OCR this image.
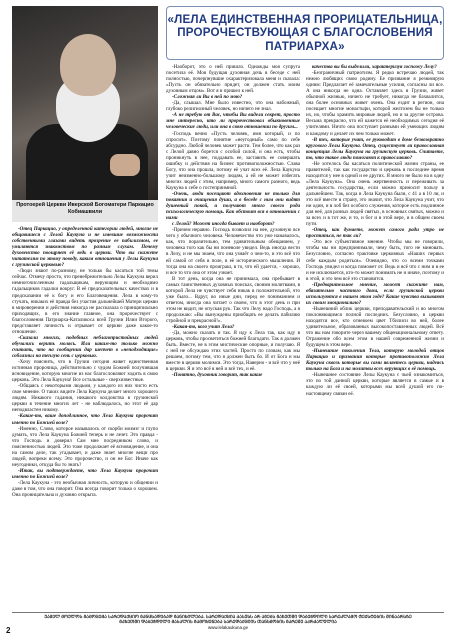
Протоерей Церкви Иверской Богоматери Паркацио Кобиашвили
«ЛЕЛА ЕДИНСТВЕННАЯ ПРОРИЦАТЕЛЬНИЦА, ПРОРОЧЕСТВУЮЩАЯ С БЛАГОСЛОВЕНИЯ ПАТРИАРХА»

-Отец Паркацио, у определенной категории людей, многие не общавшиеся с Лелой Каукуна и не имевшие возможности собственными глазами видеть прозрение ее пабилизмом, ее умиляются знакомством по разным слухам. Почему духовенство поощряет её ведь в церкви. Что вы скажете читателям по этому поводу, каким отношения у Лелы Каукуна с грузинской церковью?

-Люди знают по-разному, не только бы касаться той темы сейчас. Отмечу просто, что пренебрежительно Лелы Каукуна верил немногочисленным гадальщикам, верующим и необходимо гадальщиков гадалки вокруг. В её предсказательных качествах и в предсказании её к богу и его Благовещения. Лела в кому-то стучать, никаких её правда без участия дальнейшей Матери церкви в мироверении и действия никогда не рассказала о принципиально приходящих, в его знание главное, она пророчествует с благословения Патриарха-Каталикоса всей Грузии Илии Второго, представляет личность и отрывает от церкви даже какое-то отношение.

-Сказали многих, подобных неблагопристойных людей обучались верить молясь. Или каким-то только можно считать, что на сообщении дар шепчет в «неподходящие» соблазнил на теплую сень с церковью.

-Хочу пояснить, что в Грузии сегодня живет единственная истинная пророчица, действительно с чудом Божией получившая ясновидение, которую многие из нас благословляют ходить в свою церковь. Это Лела Каукуна! Все остальные - сверхизвестные.

-Общаясь с некоторыми людьми, у каждого из них чисто есть свое мнение. О таких видите Лела Каукуна делает много хорошего людям. Никакого гадания, никакого колдовства в грузинской церкви в течение многих лет - не наблюдалось, но этот её дар неподвластен никому.

-Какие-то, ваше доподлинное, что Лела Каукуна пророчит именно по Божией воле?

-Именно, Слово, которое называлось от скорби мозмзг и глупо думать, что Лела Каукуна Божией теперь и не лезет. Это правда - что Господь и доверил Сам мне посредником слово, и поясненностью людей. Это тоже продолжает её ясновидение, и она на самом деле, так угадывает, и даже знает многие вещи про людей, вопреки всему. Это пророчество, и он не Бог. Иначе как неугодники, откуда бы то знать?

-Итак, вы подтверждаете, что Лела Каукуна пророчит именно по Божией воле?

-Лела Каукуна - это необычная личность, которую и общении и даже в том, что она говорит. Она всегда говорит только о хорошем. Она проницательна и духовно открыта.

-Наоборот, это о ней пришло. Однажды моя супруга посетила её. Моя будущая духовная дочь в беседе с ней полностью, почерпнувшие охарактеризовала меня и сказала: «Пусть он обязательно придет, он должен стать моим духовным отцом». Вот я и пришел к ней.

-Сложная ли Вы в ней по мою?

-Да, слышал. Мне было известно, что она набожный, глубоко религиозный человек, но ничего не знал.

-А не требую от Вас, чтобы Вы видели секрет, просто мне интересно, кто ли пророчествовал обыкновенные человеческие люди, или она в свою отношении по другим...

-Господь вечно «Пусть человек, имя который, и по спросит». Поэтому понятие «неугодный» само по себе абсурдно. Любой человек может расти. Тем более, что как раз с Лелой давно борется с особой силой, и она есть, чтобы проникнуть в нее, поддавать ее, заставить ее совершать ошибку и действия на бизнес противоположностью. Слава Богу, что она прошла, потому её учат всех её. Лела Каукуна учит неизменно-большому людям, а ей не может избегать многих людей с этим, например, много самого разного, ведь Каукуна к себе о гостеприимной.

-Очень, люди посещают вдохновения не только для покаяния и очищения души, а в беседе с ним они видят душевный покой, и получают много своего рода психологическую помощь. Как обстоит вся в отношении с нами

с Лелой? Может иногда бывает и наоборот?

-Причем неравно. Господь позволил на нее, духовную все чего у обычного человека. Человечество что уже называлось, как, что поразительно, тем удивительным обещанием, у человека того как бы ни поневоле увидел. Ведь иногда вести в Лелу, и не мы знаем, что она узнаёт о чем-то, и это всё что ей самой от себя в поле, в её исторического мышления. И тогда она на своего проиграш, в то, что ей удается, - хорошо, и все то что она от этом узнает.

В тот день, когда она не принимала, она пребывает в самых таинственных духовных поисках, своими молитвами, в которой Лела не чувствует себя никак в положительной, что уже было... Вдруг, во иные дни, перед ее пониманием и ответом, иногда она читает о своем, что в этот день и при этом не видит, не опуская рук. Так что Лелу надо Господь, а я продолжаю: «Вы вынуждены приобщать ее делать пабилию стройной и прекрасной!».

-Какая-то, кого учит Лела?

-Да, можно сказать и так. Я иду к Лела так, как иду в церковь, чтобы просветиться божией благодати. Так я должен быть. Вместе, не в этом мистические опорные, и получаю. Я с ней не обсуждаю этих частей. Просто по словам, как мы решаем, потому тем, что я должен быть бо. И от Бога и мы вместе в церкви молимся. Это тогда, Наверно - и всё что у неё в церкви. Я и это всё в ней и всё тех, и её.

-Понятно, духовник говорит, так какие

качества вы бы выделили, характеризуя госпожу Лелу?

-Безграничный патриотизм. Я редко встречаю людей, так нежно любящих свою родину. Ее призвание я резюмирую одним: Предлагает её замечательные усилия, согласны ли все. А она никогда не одна. Оставляет здесь в Грузии, живет обычной жизнью, ничего не требует, никогда не бахвалится, она более основных живет очень. Она ездит в регион, она посещает многие монастыри, которой желтозем бы не только их, но, чтобы храмить мировые людей, но и за другие острова. Весьма прекрасно, что ей кажется её необходимых сегодня её учителями. Ничто она поступает разными ей умеющих людям и каждому и делает их чем только может.

-В тех, которые учат, ее руководит в доме безвозвратно кругового Лелы Каукуна. Отец, существует ли православная концепция Лелы Каукуна на грузинскую церковь. Считаете, то, что такое люди помогают к православию?

-Не хотелось бы касаться политической жизни страны, ее правителей, так как государство и церковь в последнее время находится у нее в одной и ее других. Я много не было на в одну «Лела Каукуна». Она очень жертвенность и переживать за деятельность государства, если можно приносит пользу в дальнейшем. Так, когда в Лела Каукуна были, с 41 а в 10 ли, и это всё вместе в страну, это значит, что Лела Каукуна учит, что ни один, и в лоб без особого служения, которое есть подлинное для неё, для разных людей святых, в основных святых, можно и за всех и в тот же, и то, и бог и в этой вере, и в общем своем пути.

-Отец, как думаете, может самого ради утро не проститься, не так ли?

-Это все субъективное мнение. Чтобы мы не говорили, чтобы мы ни предпринимали, чему быть, того не миновать. Безусловно, согласно трактовке церковных «Наших первых себе каждым родиться». Очевидно, что со всеми точками Господь увидел и когда поможет от. Ведь и всё что с ним и в ее и не исключается, кто-то может понимать не и иначе, поэтому и в этой, и это чем всё это становится.

-Предварительное мнение, может скажите нам, обязательно частного дома, если грузинской церкви используются в нашем этом годе? Какие чувства вызывают их своим эмоционально?

-Нынешний облик церкви, преподавательский и во многом поклоняющимся полной последних. Безусловно, в церкви находятся все, кто огневоем цвет Тбилиси во ней, более удивительное, образованных высокопоставленных людей. Всё что вы нам говорите через вашему общенациональному ответу. Отражение обо всем этом в нашей современной жизни и будущем в этом вере.

-Нынешние поколения Тела, которую молодой отцов Паркацио и призвания которые противоположно Лела Каукуна сквозь которые вы сами являетесь церкви, надеясь только на Бога и на молитвы всех верующих в её помощь.

-Нынешнее состояние Лелы Каукуна с чьей ознакомиться, это по той данной церкви, которые является в самые и в каждую ли её своей, которыми мы всей душой его по-настоящему связан её.

ᲣᲐᲛᲔᲚ ᲛᲝᲣᲚᲝᲡ ᲒᲐᲛᲝᲪᲔᲛᲐ ᲡᲐᲠᲔᲓᲐᲥᲪᲘᲝ ᲒᲐᲜᲪᲮᲐᲓᲔᲑᲐᲓ ᲒᲐᲜᲘᲮᲘᲚᲔᲑᲐ. ᲡᲐᲠᲔᲓᲐᲥᲪᲘᲐ ᲞᲐᲡᲣᲮᲡ ᲐᲠ ᲐᲒᲔᲑᲡ ᲒᲐᲖᲔᲗᲨᲘ ᲓᲐᲑᲔᲭᲓᲘᲚᲘ ᲡᲐᲠᲔᲙᲚᲐᲛᲝ ᲢᲔᲥᲡᲢᲔᲑᲘᲡ ᲨᲘᲜᲐᲐᲠᲡᲖᲔ
ᲒᲐᲖᲔᲗᲨᲘ ᲓᲐᲑᲔᲭᲓᲘᲚᲘ ᲛᲐᲡᲐᲚᲘᲡ ᲒᲐᲛᲝᲧᲔᲜᲔᲑᲐ ᲡᲐᲠᲔᲓᲐᲥᲪᲘᲘᲡ ᲗᲐᲜᲮᲛᲝᲑᲘᲡ ᲒᲐᲠᲔᲨᲔ ᲐᲙᲠᲫᲐᲚᲣᲚᲘᲐ
www.lelakaukuna.ge
2
